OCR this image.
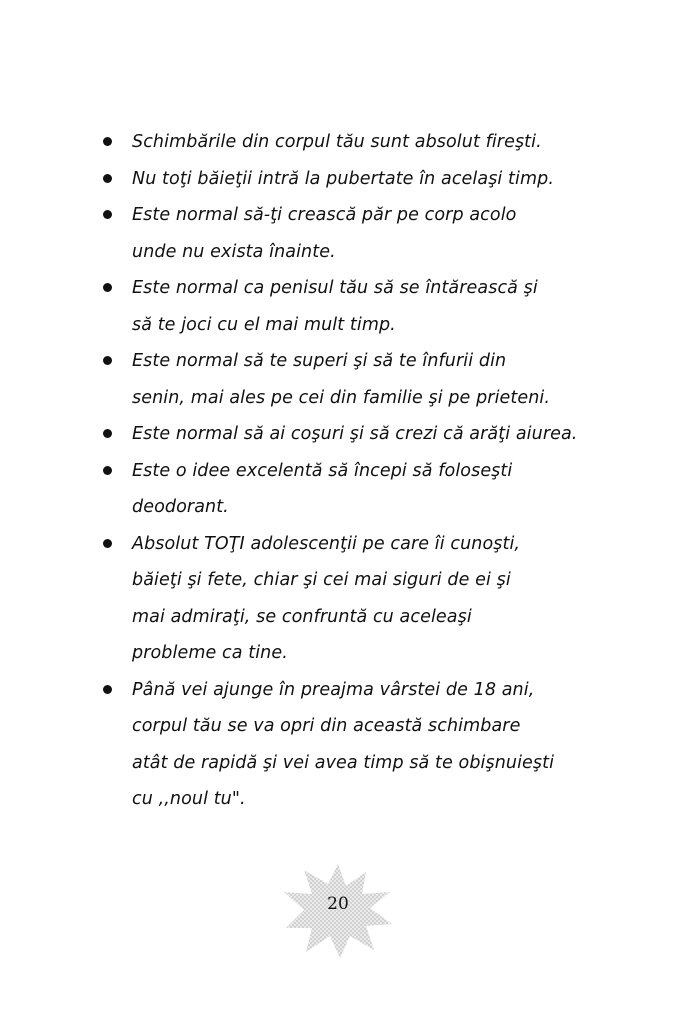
Schimbările din corpul tău sunt absolut fireşti.
Nu toţi băieţii intră la pubertate în acelaşi timp.
Este normal să-ţi crească păr pe corp acolo
unde nu exista înainte.
Este normal ca penisul tău să se întărească şi
să te joci cu el mai mult timp.
Este normal să te superi şi să te înfurii din
senin, mai ales pe cei din familie şi pe prieteni.
Este normal să ai coşuri şi să crezi că arăţi aiurea.
Este o idee excelentă să începi să foloseşti
deodorant.
Absolut TOŢI adolescenţii pe care îi cunoşti,
băieţi şi fete, chiar şi cei mai siguri de ei şi
mai admiraţi, se confruntă cu aceleaşi
probleme ca tine.
Până vei ajunge în preajma vârstei de 18 ani,
corpul tău se va opri din această schimbare
atât de rapidă şi vei avea timp să te obişnuieşti
cu ,,noul tu".
20
